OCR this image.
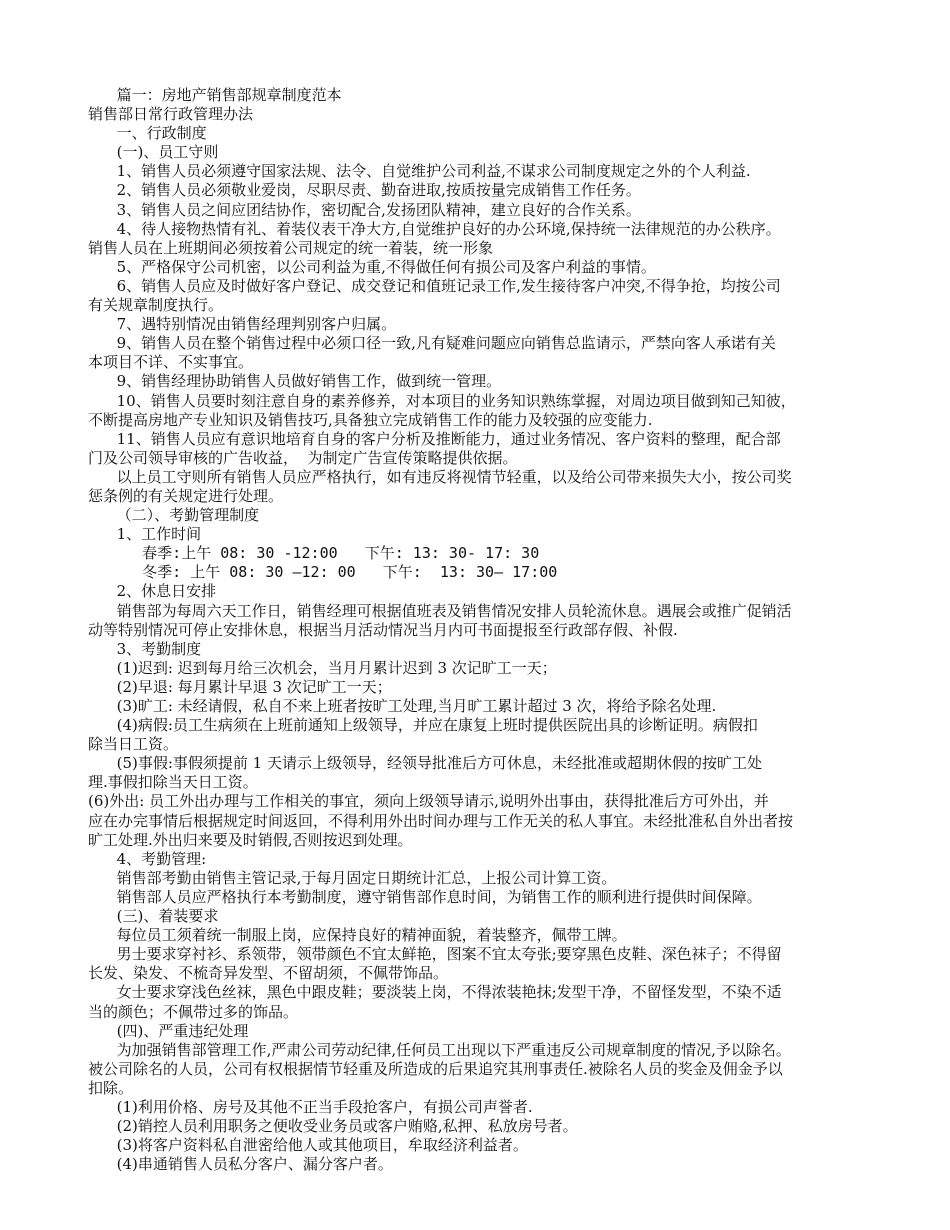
篇一：房地产销售部规章制度范本
销售部日常行政管理办法
一、行政制度
(一)、员工守则
1、销售人员必须遵守国家法规、法令、自觉维护公司利益,不谋求公司制度规定之外的个人利益.
2、销售人员必须敬业爱岗，尽职尽责、勤奋进取,按质按量完成销售工作任务。
3、销售人员之间应团结协作，密切配合,发扬团队精神，建立良好的合作关系。
4、待人接物热情有礼、着装仪表干净大方,自觉维护良好的办公环境,保持统一法律规范的办公秩序。
销售人员在上班期间必须按着公司规定的统一着装，统一形象
5、严格保守公司机密，以公司利益为重,不得做任何有损公司及客户利益的事情。
6、销售人员应及时做好客户登记、成交登记和值班记录工作,发生接待客户冲突,不得争抢，均按公司
有关规章制度执行。
7、遇特别情况由销售经理判别客户归属。
9、销售人员在整个销售过程中必须口径一致,凡有疑难问题应向销售总监请示，严禁向客人承诺有关
本项目不详、不实事宜。
9、销售经理协助销售人员做好销售工作，做到统一管理。
10、销售人员要时刻注意自身的素养修养，对本项目的业务知识熟练掌握，对周边项目做到知己知彼，
不断提高房地产专业知识及销售技巧,具备独立完成销售工作的能力及较强的应变能力.
11、销售人员应有意识地培育自身的客户分析及推断能力，通过业务情况、客户资料的整理，配合部
门及公司领导审核的广告收益，  为制定广告宣传策略提供依据。
以上员工守则所有销售人员应严格执行，如有违反将视情节轻重，以及给公司带来损失大小，按公司奖
惩条例的有关规定进行处理。
（二）、考勤管理制度
1、工作时间
春季:上午 08: 30 -12:00   下午: 13: 30- 17: 30
冬季: 上午 08: 30 —12: 00   下午:  13: 30— 17:00
2、休息日安排
销售部为每周六天工作日，销售经理可根据值班表及销售情况安排人员轮流休息。遇展会或推广促销活
动等特别情况可停止安排休息，根据当月活动情况当月内可书面提报至行政部存假、补假.
3、考勤制度
(1)迟到: 迟到每月给三次机会，当月月累计迟到 3 次记旷工一天；
(2)早退: 每月累计早退 3 次记旷工一天；
(3)旷工: 未经请假，私自不来上班者按旷工处理,当月旷工累计超过 3 次，将给予除名处理.
(4)病假:员工生病须在上班前通知上级领导，并应在康复上班时提供医院出具的诊断证明。病假扣
除当日工资。
(5)事假:事假须提前 1 天请示上级领导，经领导批准后方可休息，未经批准或超期休假的按旷工处
理.事假扣除当天日工资。
(6)外出: 员工外出办理与工作相关的事宜，须向上级领导请示,说明外出事由，获得批准后方可外出，并
应在办完事情后根据规定时间返回，不得利用外出时间办理与工作无关的私人事宜。未经批准私自外出者按
旷工处理.外出归来要及时销假,否则按迟到处理。
4、考勤管理:
销售部考勤由销售主管记录,于每月固定日期统计汇总，上报公司计算工资。
销售部人员应严格执行本考勤制度，遵守销售部作息时间，为销售工作的顺利进行提供时间保障。
(三)、着装要求
每位员工须着统一制服上岗，应保持良好的精神面貌，着装整齐，佩带工牌。
男士要求穿衬衫、系领带，领带颜色不宜太鲜艳，图案不宜太夸张;要穿黑色皮鞋、深色袜子；不得留
长发、染发、不梳奇异发型、不留胡须，不佩带饰品。
女士要求穿浅色丝袜，黑色中跟皮鞋；要淡装上岗，不得浓装艳抹;发型干净，不留怪发型，不染不适
当的颜色；不佩带过多的饰品。
(四)、严重违纪处理
为加强销售部管理工作,严肃公司劳动纪律,任何员工出现以下严重违反公司规章制度的情况,予以除名。
被公司除名的人员，公司有权根据情节轻重及所造成的后果追究其刑事责任.被除名人员的奖金及佣金予以
扣除。
(1)利用价格、房号及其他不正当手段抢客户，有损公司声誉者.
(2)销控人员利用职务之便收受业务员或客户贿赂,私押、私放房号者。
(3)将客户资料私自泄密给他人或其他项目，牟取经济利益者。
(4)串通销售人员私分客户、漏分客户者。
